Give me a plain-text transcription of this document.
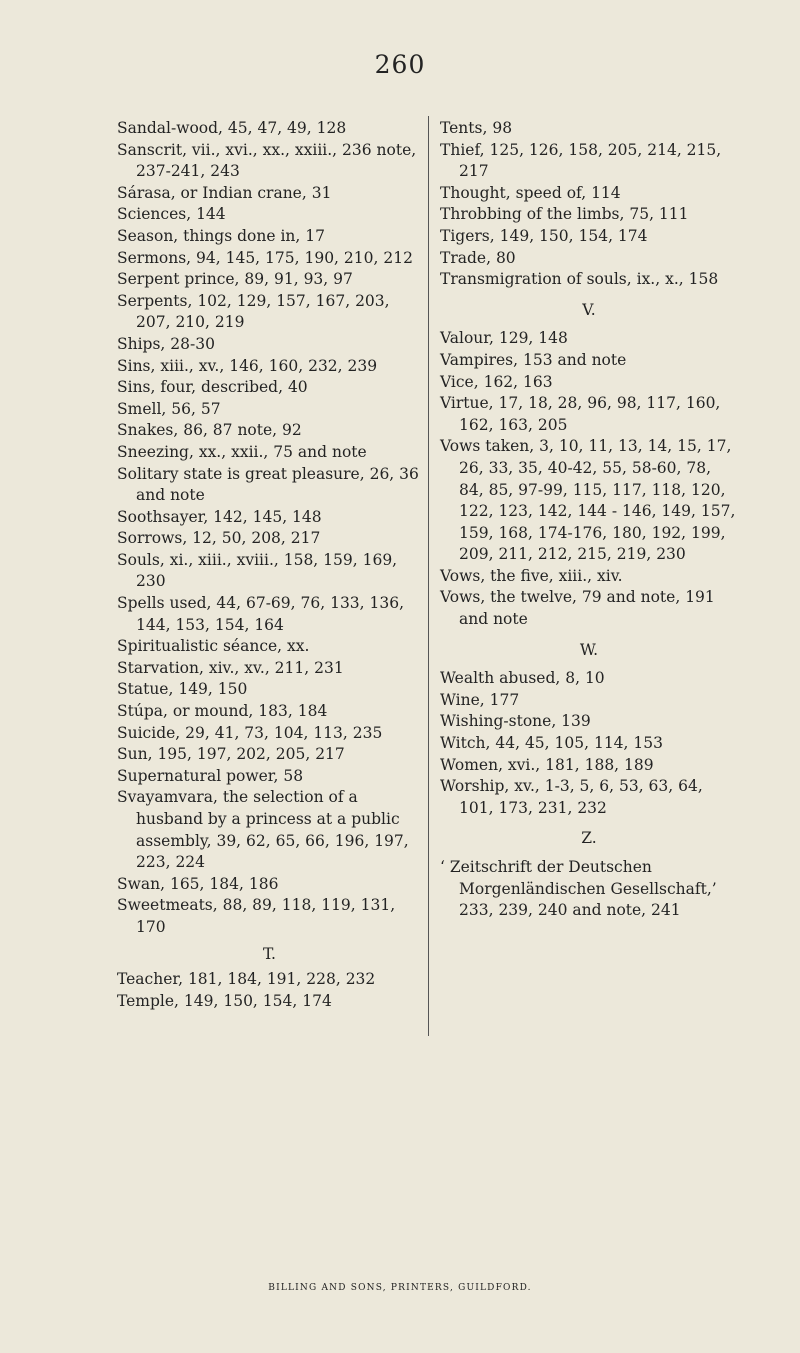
260

Sandal-wood, 45, 47, 49, 128

Sanscrit, vii., xvi., xx., xxiii., 236 note, 237-241, 243

Sárasa, or Indian crane, 31

Sciences, 144

Season, things done in, 17

Sermons, 94, 145, 175, 190, 210, 212

Serpent prince, 89, 91, 93, 97

Serpents, 102, 129, 157, 167, 203, 207, 210, 219

Ships, 28-30

Sins, xiii., xv., 146, 160, 232, 239

Sins, four, described, 40

Smell, 56, 57

Snakes, 86, 87 note, 92

Sneezing, xx., xxii., 75 and note

Solitary state is great pleasure, 26, 36 and note

Soothsayer, 142, 145, 148

Sorrows, 12, 50, 208, 217

Souls, xi., xiii., xviii., 158, 159, 169, 230

Spells used, 44, 67-69, 76, 133, 136, 144, 153, 154, 164

Spiritualistic séance, xx.

Starvation, xiv., xv., 211, 231

Statue, 149, 150

Stúpa, or mound, 183, 184

Suicide, 29, 41, 73, 104, 113, 235

Sun, 195, 197, 202, 205, 217

Supernatural power, 58

Svayamvara, the selection of a husband by a princess at a public assembly, 39, 62, 65, 66, 196, 197, 223, 224

Swan, 165, 184, 186

Sweetmeats, 88, 89, 118, 119, 131, 170

T.

Teacher, 181, 184, 191, 228, 232

Temple, 149, 150, 154, 174

Tents, 98

Thief, 125, 126, 158, 205, 214, 215, 217

Thought, speed of, 114

Throbbing of the limbs, 75, 111

Tigers, 149, 150, 154, 174

Trade, 80

Transmigration of souls, ix., x., 158

V.

Valour, 129, 148

Vampires, 153 and note

Vice, 162, 163

Virtue, 17, 18, 28, 96, 98, 117, 160, 162, 163, 205

Vows taken, 3, 10, 11, 13, 14, 15, 17, 26, 33, 35, 40-42, 55, 58-60, 78, 84, 85, 97-99, 115, 117, 118, 120, 122, 123, 142, 144 - 146, 149, 157, 159, 168, 174-176, 180, 192, 199, 209, 211, 212, 215, 219, 230

Vows, the five, xiii., xiv.

Vows, the twelve, 79 and note, 191 and note

W.

Wealth abused, 8, 10

Wine, 177

Wishing-stone, 139

Witch, 44, 45, 105, 114, 153

Women, xvi., 181, 188, 189

Worship, xv., 1-3, 5, 6, 53, 63, 64, 101, 173, 231, 232

Z.

‘ Zeitschrift der Deutschen Morgenländischen Gesellschaft,’ 233, 239, 240 and note, 241

BILLING AND SONS, PRINTERS, GUILDFORD.
